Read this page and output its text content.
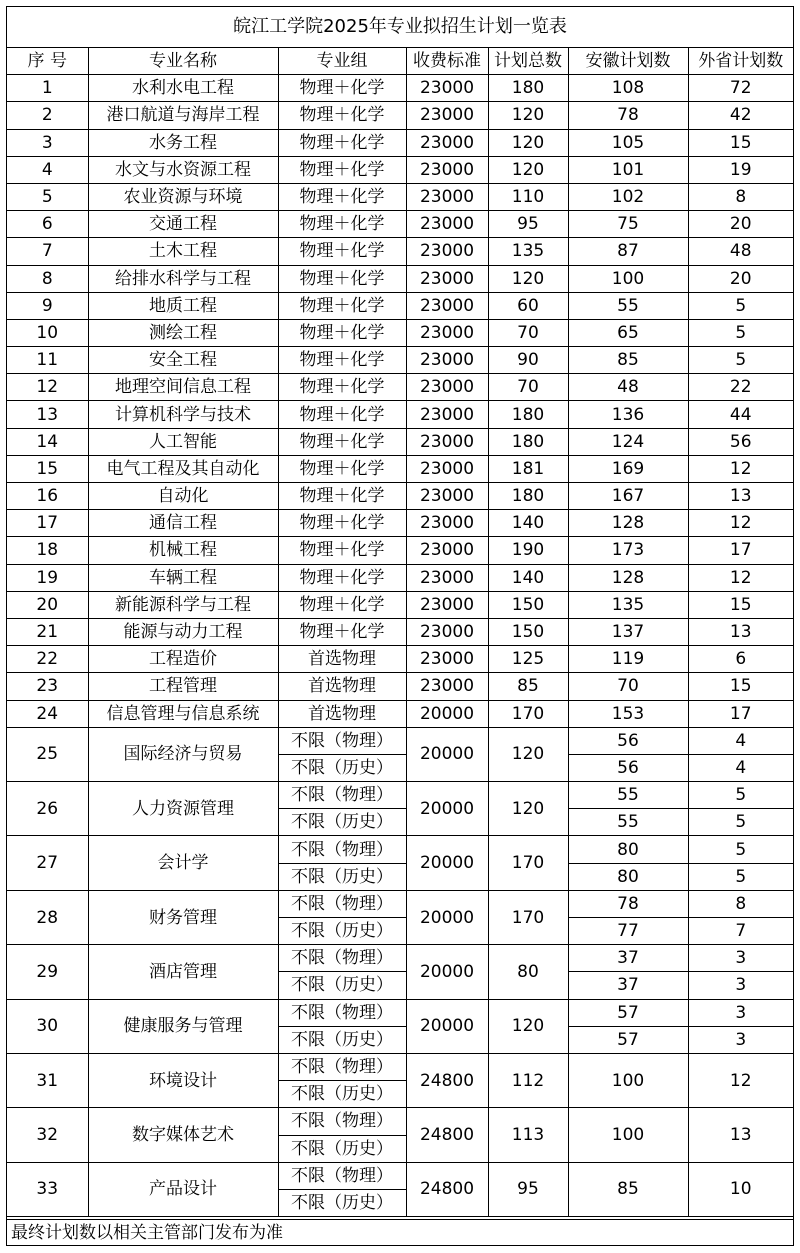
皖江工学院2025年专业拟招生计划一览表
序 号	专业名称	专业组	收费标准	计划总数	安徽计划数	外省计划数
1	水利水电工程	物理＋化学	23000	180	108	72
2	港口航道与海岸工程	物理＋化学	23000	120	78	42
3	水务工程	物理＋化学	23000	120	105	15
4	水文与水资源工程	物理＋化学	23000	120	101	19
5	农业资源与环境	物理＋化学	23000	110	102	8
6	交通工程	物理＋化学	23000	95	75	20
7	土木工程	物理＋化学	23000	135	87	48
8	给排水科学与工程	物理＋化学	23000	120	100	20
9	地质工程	物理＋化学	23000	60	55	5
10	测绘工程	物理＋化学	23000	70	65	5
11	安全工程	物理＋化学	23000	90	85	5
12	地理空间信息工程	物理＋化学	23000	70	48	22
13	计算机科学与技术	物理＋化学	23000	180	136	44
14	人工智能	物理＋化学	23000	180	124	56
15	电气工程及其自动化	物理＋化学	23000	181	169	12
16	自动化	物理＋化学	23000	180	167	13
17	通信工程	物理＋化学	23000	140	128	12
18	机械工程	物理＋化学	23000	190	173	17
19	车辆工程	物理＋化学	23000	140	128	12
20	新能源科学与工程	物理＋化学	23000	150	135	15
21	能源与动力工程	物理＋化学	23000	150	137	13
22	工程造价	首选物理	23000	125	119	6
23	工程管理	首选物理	23000	85	70	15
24	信息管理与信息系统	首选物理	20000	170	153	17
25	国际经济与贸易	不限（物理）	20000	120	56	4
		不限（历史）			56	4
26	人力资源管理	不限（物理）	20000	120	55	5
		不限（历史）			55	5
27	会计学	不限（物理）	20000	170	80	5
		不限（历史）			80	5
28	财务管理	不限（物理）	20000	170	78	8
		不限（历史）			77	7
29	酒店管理	不限（物理）	20000	80	37	3
		不限（历史）			37	3
30	健康服务与管理	不限（物理）	20000	120	57	3
		不限（历史）			57	3
31	环境设计	不限（物理）	24800	112	100	12
		不限（历史）				
32	数字媒体艺术	不限（物理）	24800	113	100	13
		不限（历史）				
33	产品设计	不限（物理）	24800	95	85	10
		不限（历史）				
最终计划数以相关主管部门发布为准
